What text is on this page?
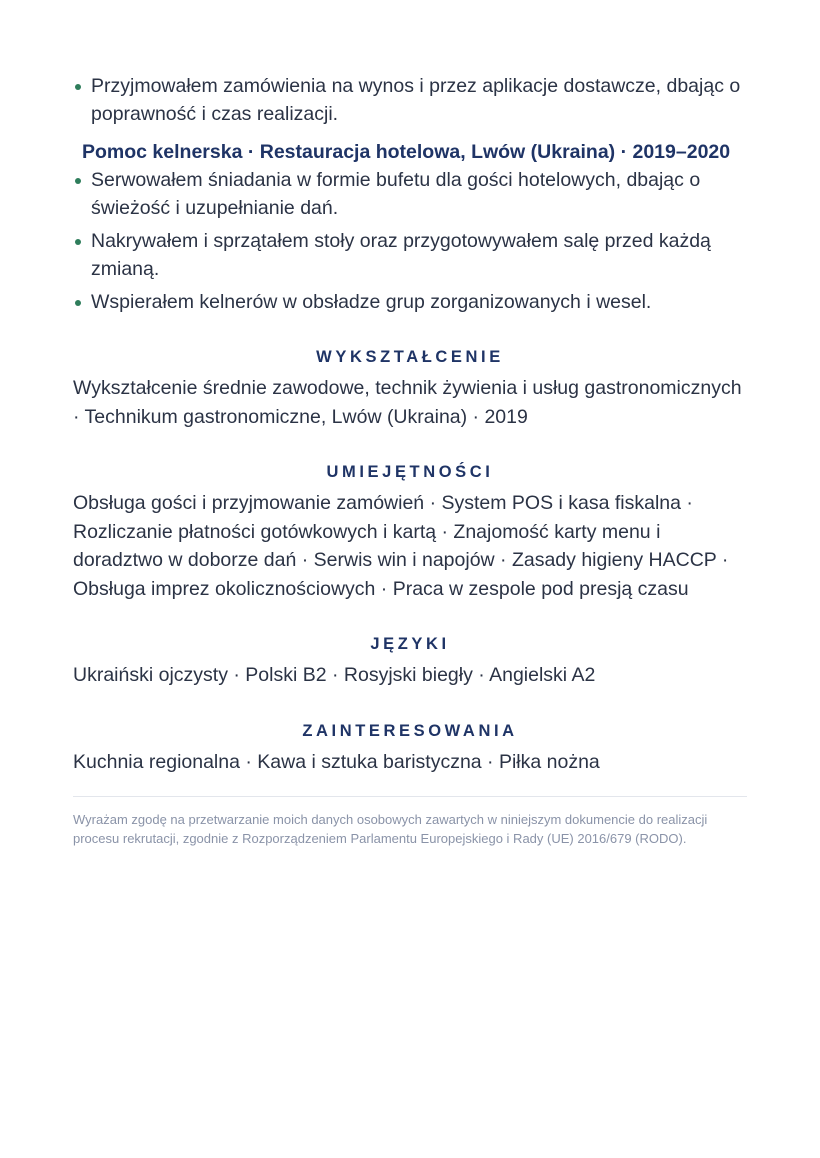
Przyjmowałem zamówienia na wynos i przez aplikacje dostawcze, dbając o poprawność i czas realizacji.
Pomoc kelnerska · Restauracja hotelowa, Lwów (Ukraina) · 2019–2020
Serwowałem śniadania w formie bufetu dla gości hotelowych, dbając o świeżość i uzupełnianie dań.
Nakrywałem i sprzątałem stoły oraz przygotowywałem salę przed każdą zmianą.
Wspierałem kelnerów w obsładze grup zorganizowanych i wesel.
WYKSZTAŁCENIE

Wykształcenie średnie zawodowe, technik żywienia i usług gastronomicznych · Technikum gastronomiczne, Lwów (Ukraina) · 2019

UMIEJĘTNOŚCI

Obsługa gości i przyjmowanie zamówień · System POS i kasa fiskalna · Rozliczanie płatności gotówkowych i kartą · Znajomość karty menu i doradztwo w doborze dań · Serwis win i napojów · Zasady higieny HACCP · Obsługa imprez okolicznościowych · Praca w zespole pod presją czasu

JĘZYKI

Ukraiński ojczysty · Polski B2 · Rosyjski biegły · Angielski A2

ZAINTERESOWANIA

Kuchnia regionalna · Kawa i sztuka baristyczna · Piłka nożna

Wyrażam zgodę na przetwarzanie moich danych osobowych zawartych w niniejszym dokumencie do realizacji procesu rekrutacji, zgodnie z Rozporządzeniem Parlamentu Europejskiego i Rady (UE) 2016/679 (RODO).
